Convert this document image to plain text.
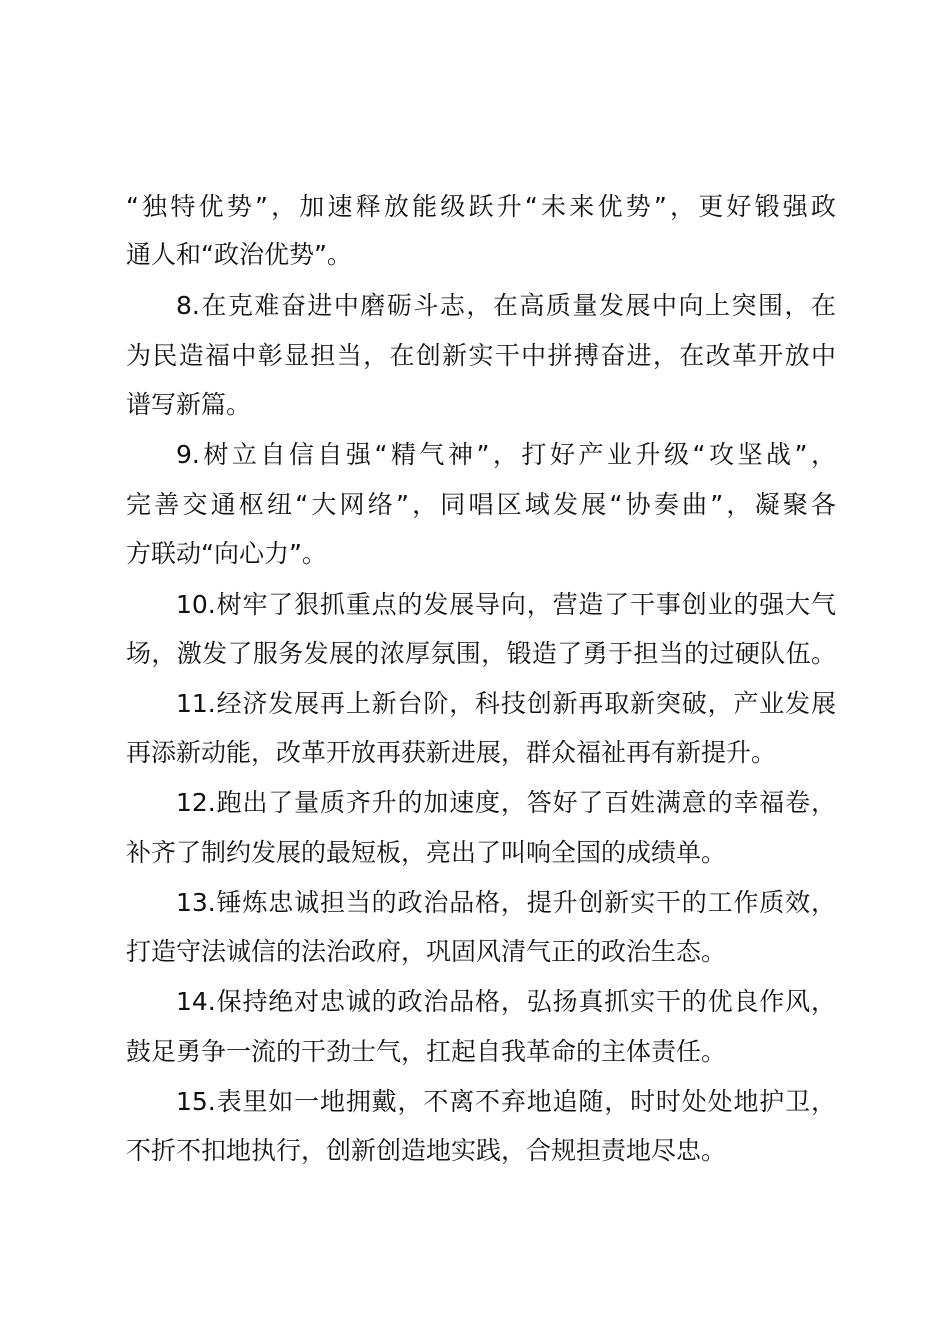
“独特优势”，加速释放能级跃升“未来优势”，更好锻强政
通人和“政治优势”。
8.在克难奋进中磨砺斗志，在高质量发展中向上突围，在
为民造福中彰显担当，在创新实干中拼搏奋进，在改革开放中
谱写新篇。
9.树立自信自强“精气神”，打好产业升级“攻坚战”，
完善交通枢纽“大网络”，同唱区域发展“协奏曲”，凝聚各
方联动“向心力”。
10.树牢了狠抓重点的发展导向，营造了干事创业的强大气
场，激发了服务发展的浓厚氛围，锻造了勇于担当的过硬队伍。
11.经济发展再上新台阶，科技创新再取新突破，产业发展
再添新动能，改革开放再获新进展，群众福祉再有新提升。
12.跑出了量质齐升的加速度，答好了百姓满意的幸福卷，
补齐了制约发展的最短板，亮出了叫响全国的成绩单。
13.锤炼忠诚担当的政治品格，提升创新实干的工作质效，
打造守法诚信的法治政府，巩固风清气正的政治生态。
14.保持绝对忠诚的政治品格，弘扬真抓实干的优良作风，
鼓足勇争一流的干劲士气，扛起自我革命的主体责任。
15.表里如一地拥戴，不离不弃地追随，时时处处地护卫，
不折不扣地执行，创新创造地实践，合规担责地尽忠。
